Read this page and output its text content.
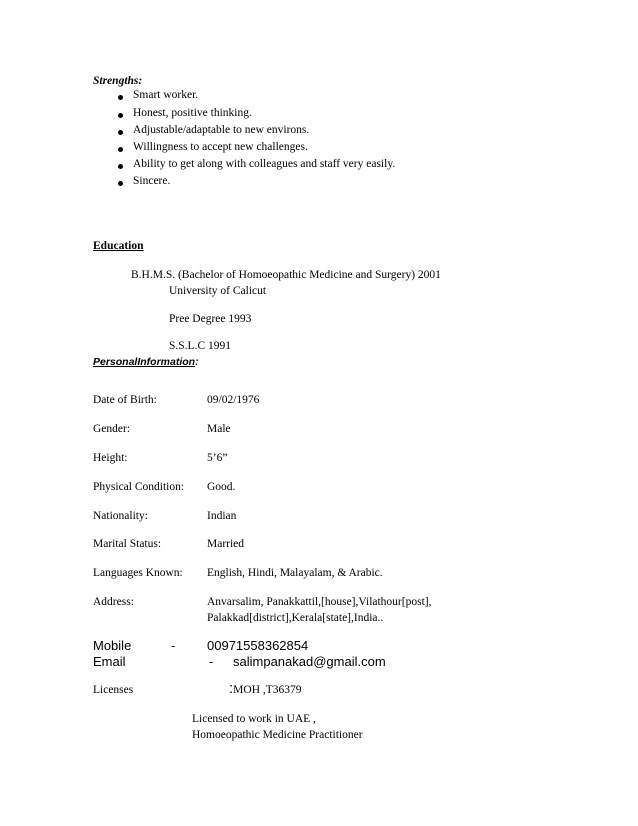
Strengths:
Smart worker.
Honest, positive thinking.
Adjustable/adaptable to new environs.
Willingness to accept new challenges.
Ability to get along with colleagues and staff very easily.
Sincere.
Education
B.H.M.S. (Bachelor of Homoeopathic Medicine and Surgery) 2001
University of Calicut
Pree Degree 1993
S.S.L.C 1991
PersonalInformation:
Date of Birth:	09/02/1976
Gender:	Male
Height:	5’6”
Physical Condition: Good.
Nationality:	Indian
Marital Status:	Married
Languages Known: English, Hindi, Malayalam, & Arabic.
Address:	Anvarsalim, Panakkattil,[house],Vilathour[post],
Palakkad[district],Kerala[state],India..
Mobile	- 00971558362854
Email	- salimpanakad@gmail.com
Licenses	:MOH ,T36379
Licensed to work in UAE ,
Homoeopathic Medicine Practitioner
